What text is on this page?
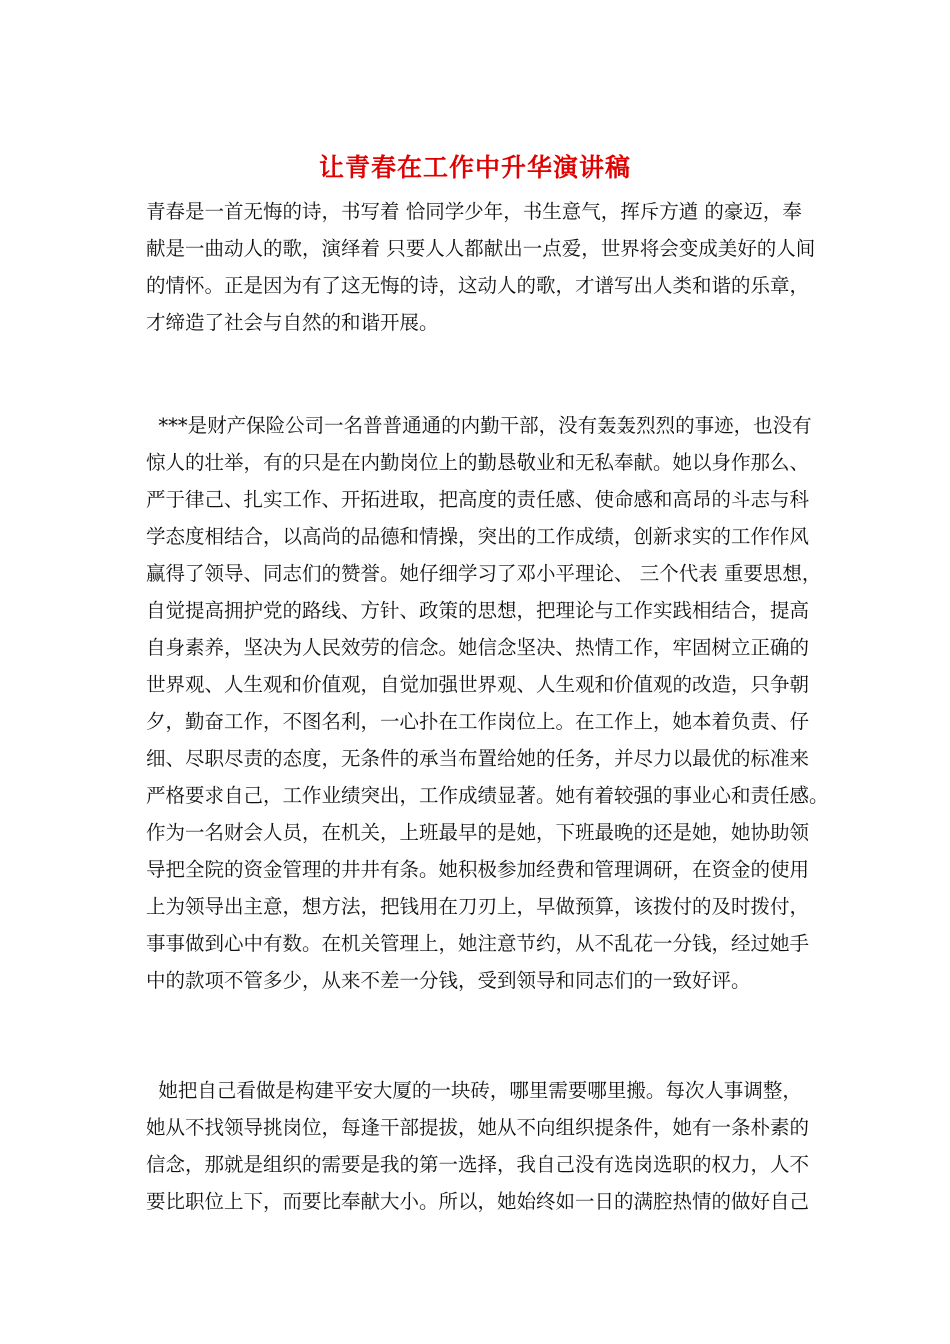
让青春在工作中升华演讲稿
青春是一首无悔的诗，书写着 恰同学少年，书生意气，挥斥方遒 的豪迈，奉
献是一曲动人的歌，演绎着 只要人人都献出一点爱，世界将会变成美好的人间
的情怀。正是因为有了这无悔的诗，这动人的歌，才谱写出人类和谐的乐章，
才缔造了社会与自然的和谐开展。
***是财产保险公司一名普普通通的内勤干部，没有轰轰烈烈的事迹，也没有
惊人的壮举，有的只是在内勤岗位上的勤恳敬业和无私奉献。她以身作那么、
严于律己、扎实工作、开拓进取，把高度的责任感、使命感和高昂的斗志与科
学态度相结合，以高尚的品德和情操，突出的工作成绩，创新求实的工作作风
赢得了领导、同志们的赞誉。她仔细学习了邓小平理论、 三个代表 重要思想，
自觉提高拥护党的路线、方针、政策的思想，把理论与工作实践相结合，提高
自身素养，坚决为人民效劳的信念。她信念坚决、热情工作，牢固树立正确的
世界观、人生观和价值观，自觉加强世界观、人生观和价值观的改造，只争朝
夕，勤奋工作，不图名利，一心扑在工作岗位上。在工作上，她本着负责、仔
细、尽职尽责的态度，无条件的承当布置给她的任务，并尽力以最优的标准来
严格要求自己，工作业绩突出，工作成绩显著。她有着较强的事业心和责任感。
作为一名财会人员，在机关，上班最早的是她，下班最晚的还是她，她协助领
导把全院的资金管理的井井有条。她积极参加经费和管理调研，在资金的使用
上为领导出主意，想方法，把钱用在刀刃上，早做预算，该拨付的及时拨付，
事事做到心中有数。在机关管理上，她注意节约，从不乱花一分钱，经过她手
中的款项不管多少，从来不差一分钱，受到领导和同志们的一致好评。
她把自己看做是构建平安大厦的一块砖，哪里需要哪里搬。每次人事调整，
她从不找领导挑岗位，每逢干部提拔，她从不向组织提条件，她有一条朴素的
信念，那就是组织的需要是我的第一选择，我自己没有选岗选职的权力，人不
要比职位上下，而要比奉献大小。所以，她始终如一日的满腔热情的做好自己
